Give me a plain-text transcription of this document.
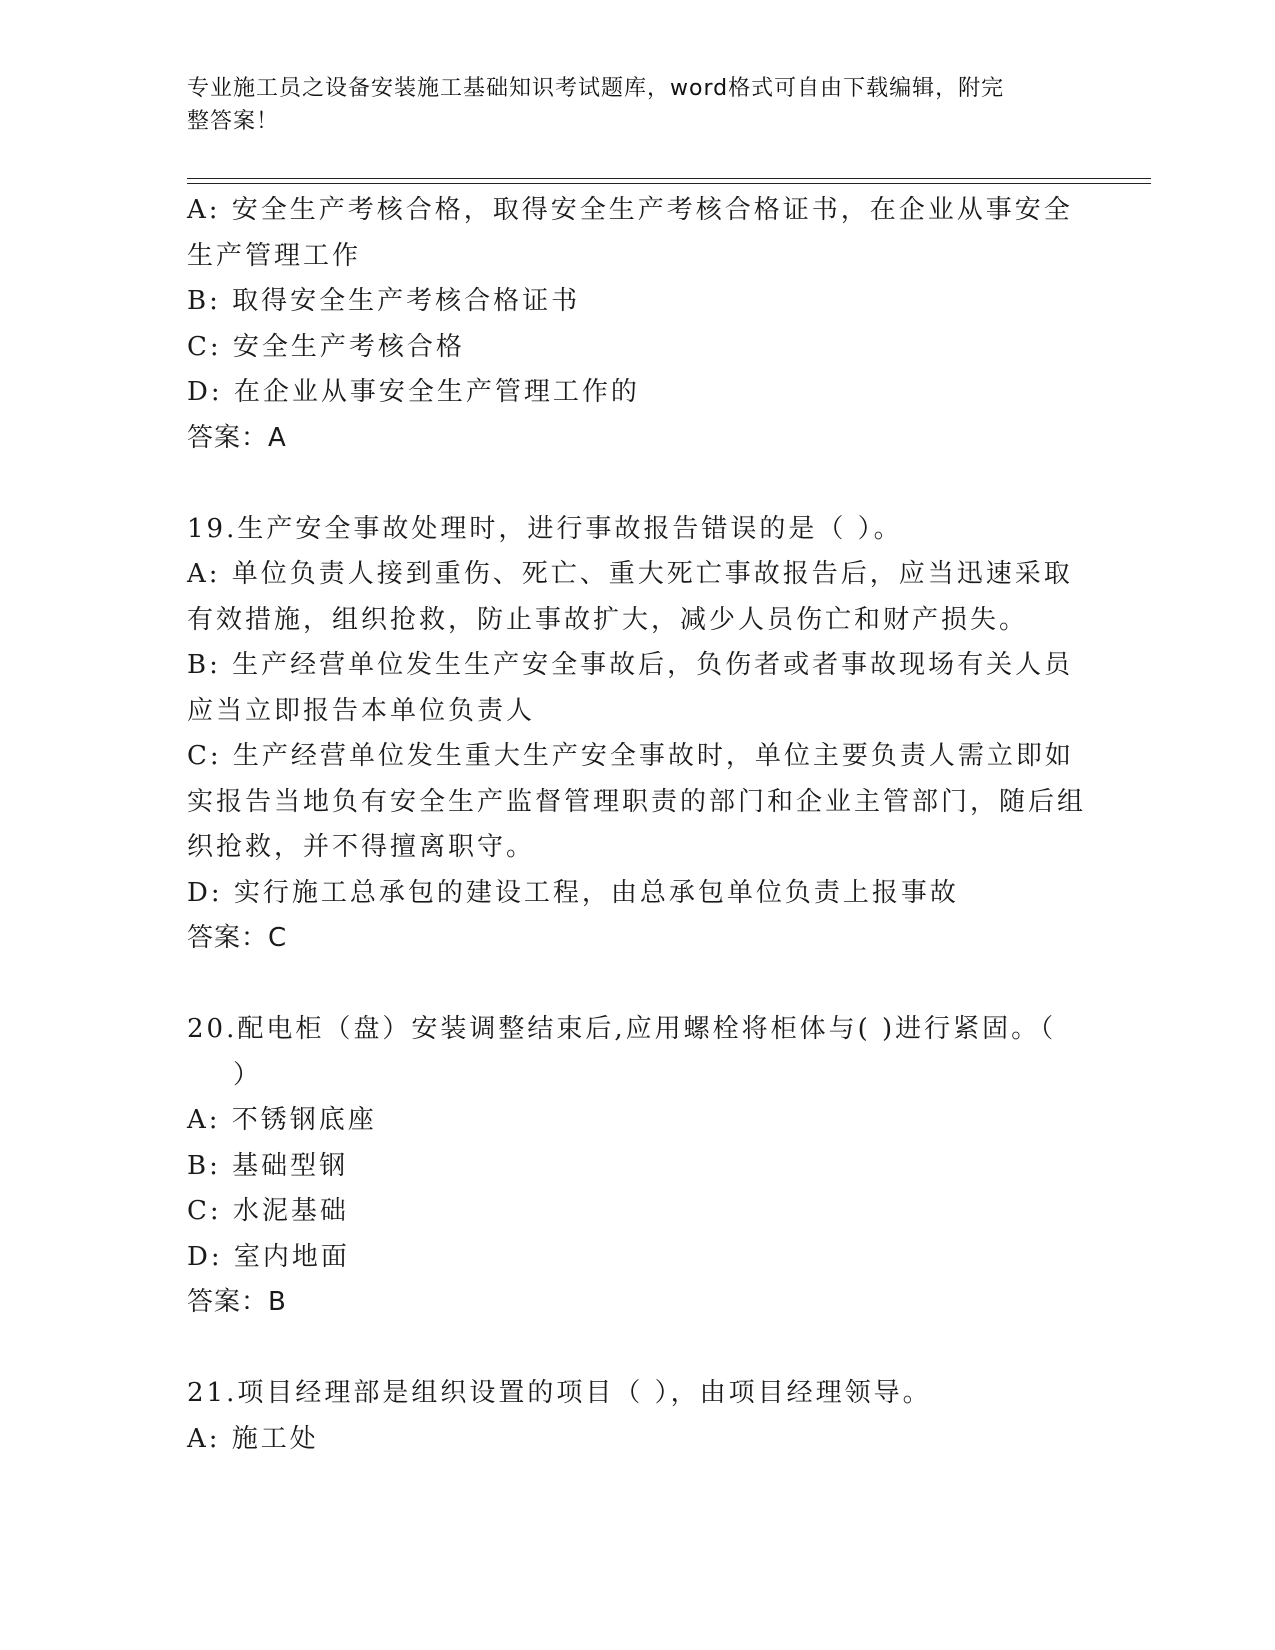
专业施工员之设备安装施工基础知识考试题库，word格式可自由下载编辑，附完
整答案！

A: 安全生产考核合格，取得安全生产考核合格证书，在企业从事安全生产管理工作

B: 取得安全生产考核合格证书

C: 安全生产考核合格

D: 在企业从事安全生产管理工作的

答案：A

19.生产安全事故处理时，进行事故报告错误的是（ ）。

A: 单位负责人接到重伤、死亡、重大死亡事故报告后，应当迅速采取有效措施，组织抢救，防止事故扩大，减少人员伤亡和财产损失。

B: 生产经营单位发生生产安全事故后，负伤者或者事故现场有关人员应当立即报告本单位负责人

C: 生产经营单位发生重大生产安全事故时，单位主要负责人需立即如实报告当地负有安全生产监督管理职责的部门和企业主管部门，随后组织抢救，并不得擅离职守。

D: 实行施工总承包的建设工程，由总承包单位负责上报事故

答案：C

20.配电柜（盘）安装调整结束后,应用螺栓将柜体与( )进行紧固。（

）

A: 不锈钢底座

B: 基础型钢

C: 水泥基础

D: 室内地面

答案：B

21.项目经理部是组织设置的项目（ ），由项目经理领导。

A: 施工处
